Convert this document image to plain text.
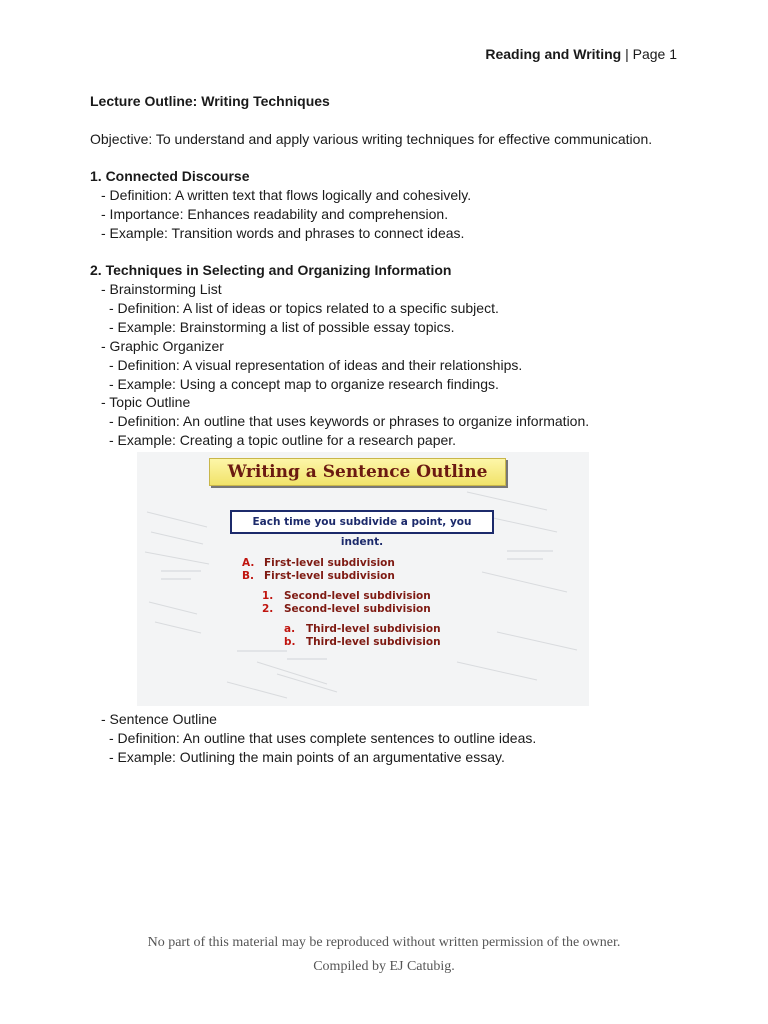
Reading and Writing | Page 1
Lecture Outline: Writing Techniques
Objective: To understand and apply various writing techniques for effective communication.
1. Connected Discourse
- Definition: A written text that flows logically and cohesively.
- Importance: Enhances readability and comprehension.
- Example: Transition words and phrases to connect ideas.
2. Techniques in Selecting and Organizing Information
- Brainstorming List
- Definition: A list of ideas or topics related to a specific subject.
- Example: Brainstorming a list of possible essay topics.
- Graphic Organizer
- Definition: A visual representation of ideas and their relationships.
- Example: Using a concept map to organize research findings.
- Topic Outline
- Definition: An outline that uses keywords or phrases to organize information.
- Example: Creating a topic outline for a research paper.
Writing a Sentence Outline
Each time you subdivide a point, you indent.
A. First-level subdivision
B. First-level subdivision
1. Second-level subdivision
2. Second-level subdivision
a. Third-level subdivision
b. Third-level subdivision
- Sentence Outline
- Definition: An outline that uses complete sentences to outline ideas.
- Example: Outlining the main points of an argumentative essay.
No part of this material may be reproduced without written permission of the owner.
Compiled by EJ Catubig.
